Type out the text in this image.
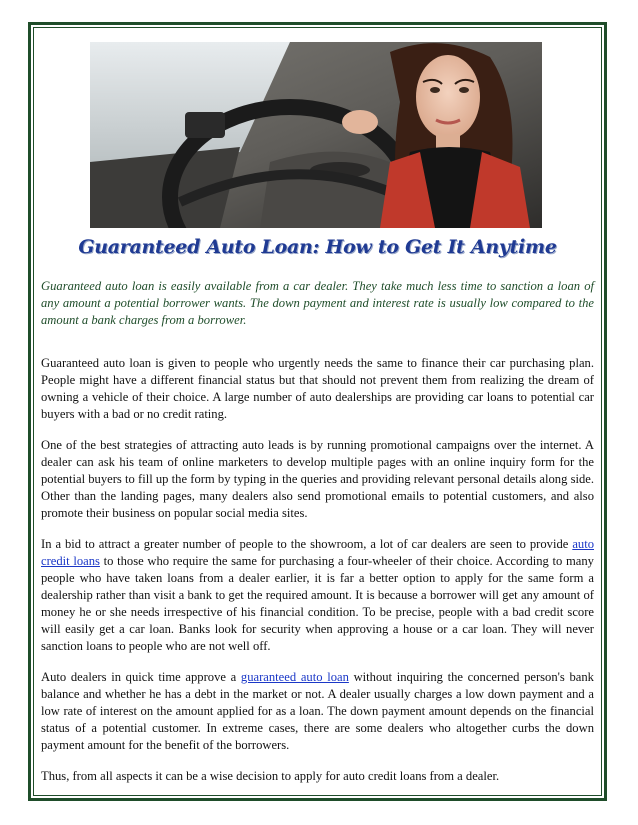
Guaranteed Auto Loan: How to Get It Anytime

Guaranteed auto loan is easily available from a car dealer. They take much less time to sanction a loan of any amount a potential borrower wants. The down payment and interest rate is usually low compared to the amount a bank charges from a borrower.

Guaranteed auto loan is given to people who urgently needs the same to finance their car purchasing plan. People might have a different financial status but that should not prevent them from realizing the dream of owning a vehicle of their choice. A large number of auto dealerships are providing car loans to potential car buyers with a bad or no credit rating.

One of the best strategies of attracting auto leads is by running promotional campaigns over the internet. A dealer can ask his team of online marketers to develop multiple pages with an online inquiry form for the potential buyers to fill up the form by typing in the queries and providing relevant personal details along side. Other than the landing pages, many dealers also send promotional emails to potential customers, and also promote their business on popular social media sites.

In a bid to attract a greater number of people to the showroom, a lot of car dealers are seen to provide auto credit loans to those who require the same for purchasing a four-wheeler of their choice. According to many people who have taken loans from a dealer earlier, it is far a better option to apply for the same form a dealership rather than visit a bank to get the required amount. It is because a borrower will get any amount of money he or she needs irrespective of his financial condition. To be precise, people with a bad credit score will easily get a car loan. Banks look for security when approving a house or a car loan. They will never sanction loans to people who are not well off.

Auto dealers in quick time approve a guaranteed auto loan without inquiring the concerned person's bank balance and whether he has a debt in the market or not. A dealer usually charges a low down payment and a low rate of interest on the amount applied for as a loan. The down payment amount depends on the financial status of a potential customer. In extreme cases, there are some dealers who altogether curbs the down payment amount for the benefit of the borrowers.

Thus, from all aspects it can be a wise decision to apply for auto credit loans from a dealer.
